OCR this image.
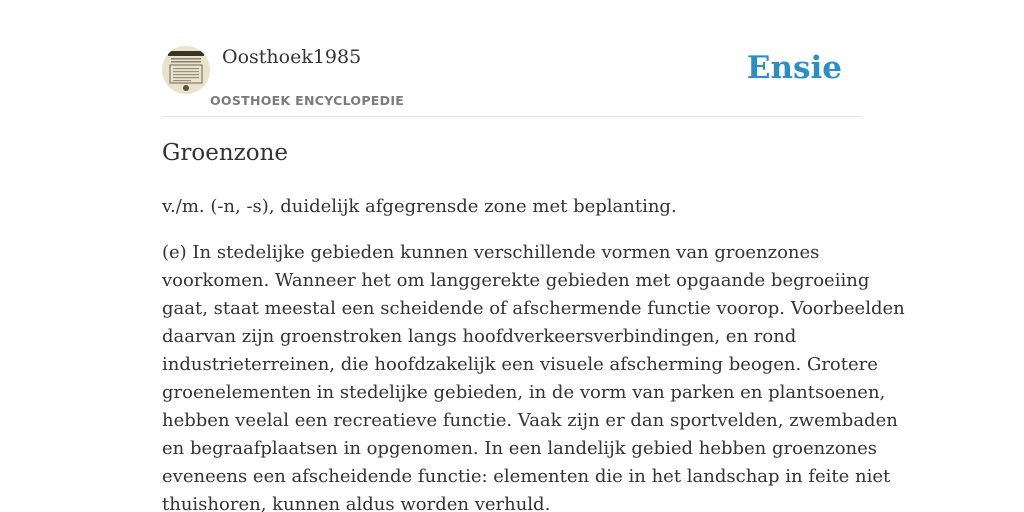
Oosthoek1985
OOSTHOEK ENCYCLOPEDIE
Ensie
Groenzone

v./m. (-n, -s), duidelijk afgegrensde zone met beplanting.

(e) In stedelijke gebieden kunnen verschillende vormen van groenzones
voorkomen. Wanneer het om langgerekte gebieden met opgaande begroeiing
gaat, staat meestal een scheidende of afschermende functie voorop. Voorbeelden
daarvan zijn groenstroken langs hoofdverkeersverbindingen, en rond
industrieterreinen, die hoofdzakelijk een visuele afscherming beogen. Grotere
groenelementen in stedelijke gebieden, in de vorm van parken en plantsoenen,
hebben veelal een recreatieve functie. Vaak zijn er dan sportvelden, zwembaden
en begraafplaatsen in opgenomen. In een landelijk gebied hebben groenzones
eveneens een afscheidende functie: elementen die in het landschap in feite niet
thuishoren, kunnen aldus worden verhuld.
